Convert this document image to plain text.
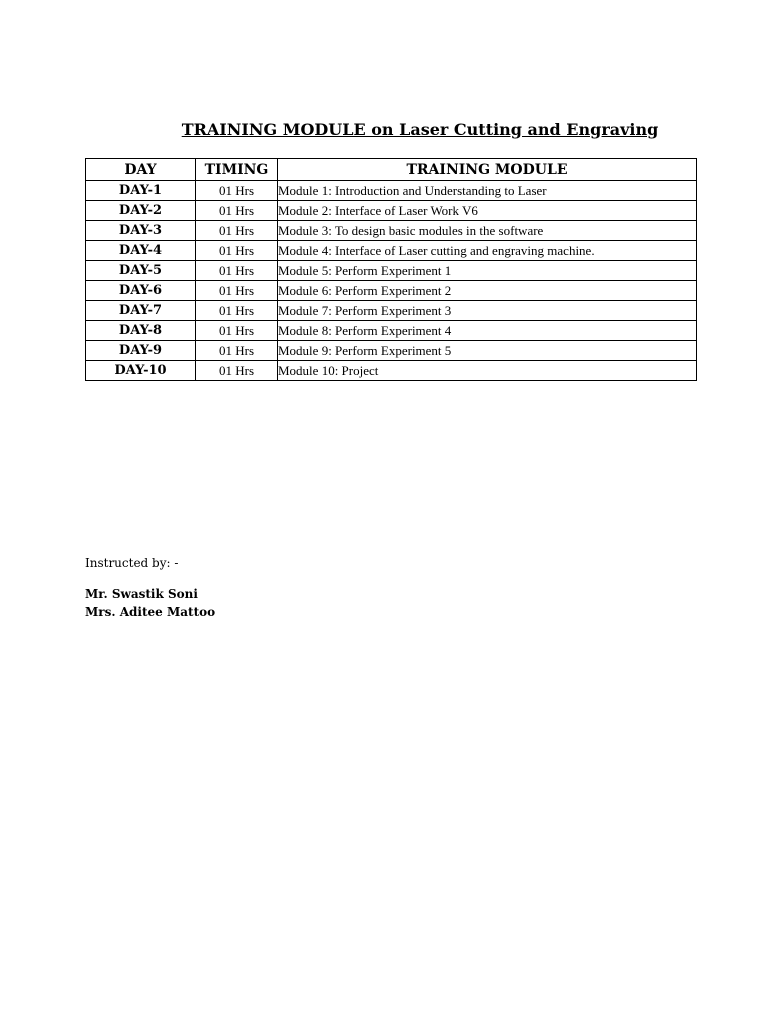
TRAINING MODULE on Laser Cutting and Engraving
DAY	TIMING	TRAINING MODULE
DAY-1	01 Hrs	Module 1: Introduction and Understanding to Laser
DAY-2	01 Hrs	Module 2: Interface of Laser Work V6
DAY-3	01 Hrs	Module 3: To design basic modules in the software
DAY-4	01 Hrs	Module 4: Interface of Laser cutting and engraving machine.
DAY-5	01 Hrs	Module 5: Perform Experiment 1
DAY-6	01 Hrs	Module 6: Perform Experiment 2
DAY-7	01 Hrs	Module 7: Perform Experiment 3
DAY-8	01 Hrs	Module 8: Perform Experiment 4
DAY-9	01 Hrs	Module 9: Perform Experiment 5
DAY-10	01 Hrs	Module 10: Project

Instructed by: -

Mr. Swastik Soni
Mrs. Aditee Mattoo
